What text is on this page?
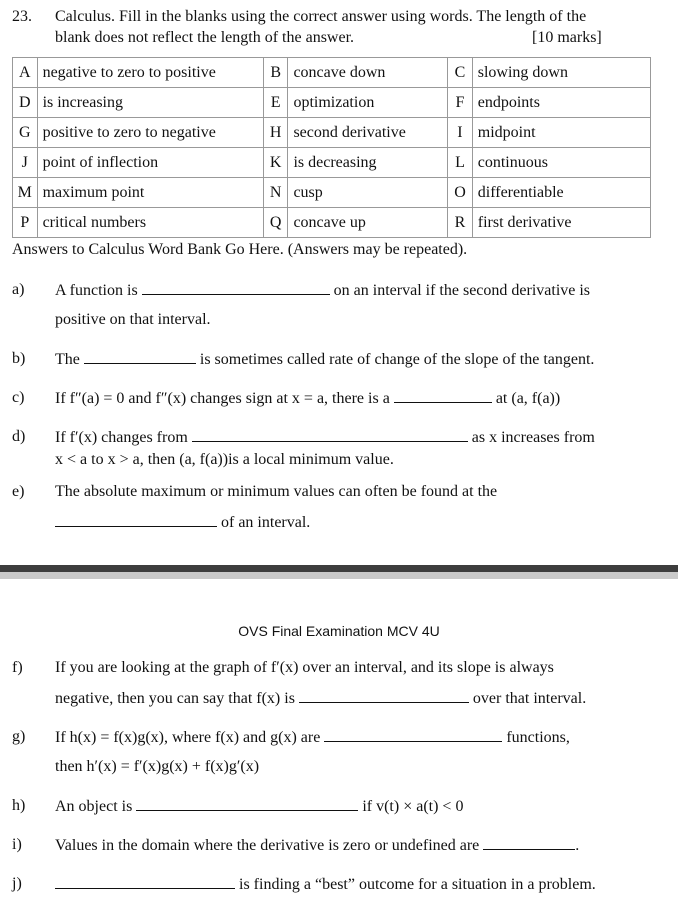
23. Calculus. Fill in the blanks using the correct answer using words. The length of the
blank does not reflect the length of the answer.	[10 marks]
A	negative to zero to positive	B	concave down	C	slowing down
D	is increasing	E	optimization	F	endpoints
G	positive to zero to negative	H	second derivative	I	midpoint
J	point of inflection	K	is decreasing	L	continuous
M	maximum point	N	cusp	O	differentiable
P	critical numbers	Q	concave up	R	first derivative
Answers to Calculus Word Bank Go Here. (Answers may be repeated).
a) A function is	on an interval if the second derivative is
positive on that interval.
b) The	is sometimes called rate of change of the slope of the tangent.
c) If f″(a) = 0 and f″(x) changes sign at x = a, there is a	at (a, f(a))
d) If f′(x) changes from	as x increases from
x < a to x > a, then (a, f(a))is a local minimum value.
e) The absolute maximum or minimum values can often be found at the
of an interval.
OVS Final Examination MCV 4U
f) If you are looking at the graph of f′(x) over an interval, and its slope is always
negative, then you can say that f(x) is	over that interval.
g) If h(x) = f(x)g(x), where f(x) and g(x) are	functions,
then h′(x) = f′(x)g(x) + f(x)g′(x)
h) An object is	if v(t) × a(t) < 0
i) Values in the domain where the derivative is zero or undefined are	.
j)	is finding a “best” outcome for a situation in a problem.
